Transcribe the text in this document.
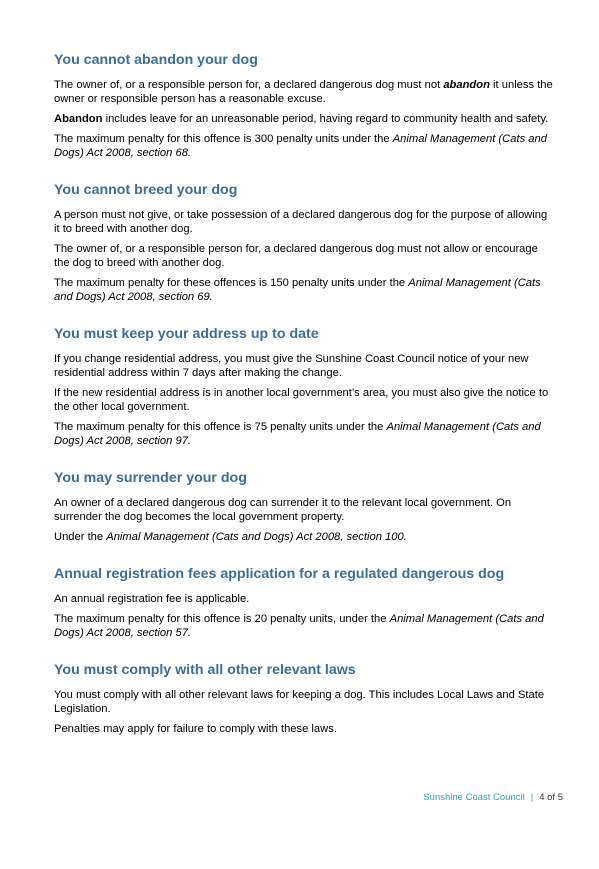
You cannot abandon your dog

The owner of, or a responsible person for, a declared dangerous dog must not abandon it unless the owner or responsible person has a reasonable excuse.

Abandon includes leave for an unreasonable period, having regard to community health and safety.

The maximum penalty for this offence is 300 penalty units under the Animal Management (Cats and Dogs) Act 2008, section 68.

You cannot breed your dog

A person must not give, or take possession of a declared dangerous dog for the purpose of allowing it to breed with another dog.

The owner of, or a responsible person for, a declared dangerous dog must not allow or encourage the dog to breed with another dog.

The maximum penalty for these offences is 150 penalty units under the Animal Management (Cats and Dogs) Act 2008, section 69.

You must keep your address up to date

If you change residential address, you must give the Sunshine Coast Council notice of your new residential address within 7 days after making the change.

If the new residential address is in another local government’s area, you must also give the notice to the other local government.

The maximum penalty for this offence is 75 penalty units under the Animal Management (Cats and Dogs) Act 2008, section 97.

You may surrender your dog

An owner of a declared dangerous dog can surrender it to the relevant local government. On surrender the dog becomes the local government property.

Under the Animal Management (Cats and Dogs) Act 2008, section 100.

Annual registration fees application for a regulated dangerous dog

An annual registration fee is applicable.

The maximum penalty for this offence is 20 penalty units, under the Animal Management (Cats and Dogs) Act 2008, section 57.

You must comply with all other relevant laws

You must comply with all other relevant laws for keeping a dog. This includes Local Laws and State Legislation.

Penalties may apply for failure to comply with these laws.

Sunshine Coast Council | 4 of 5
